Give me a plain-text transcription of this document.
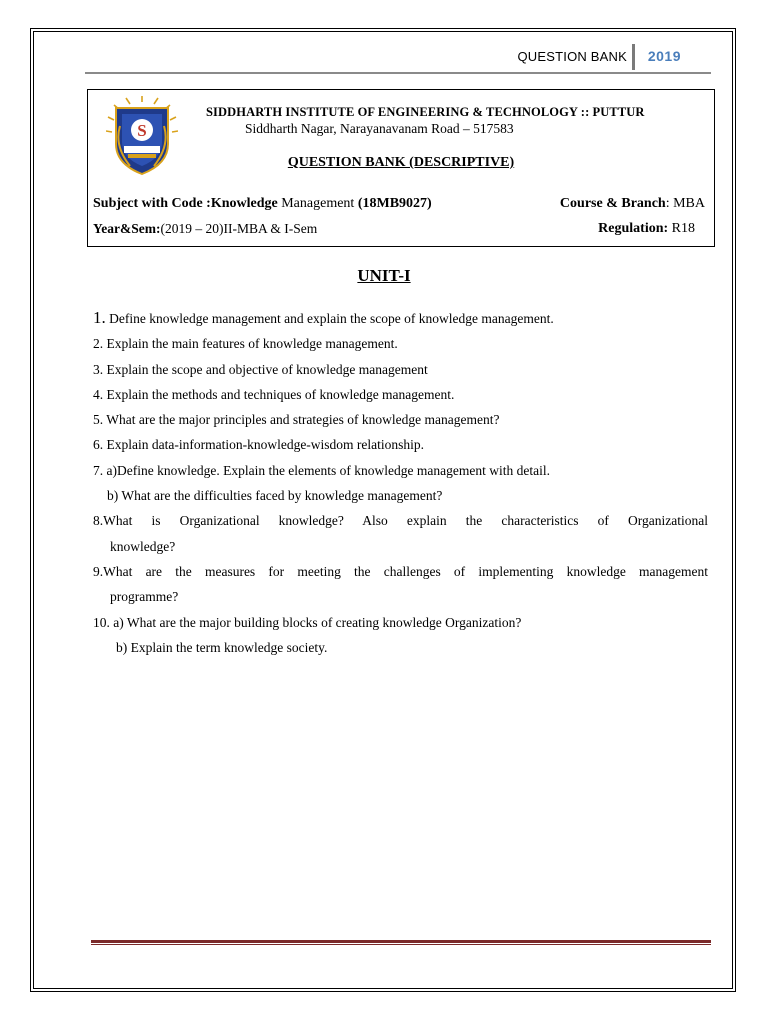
QUESTION BANK 2019
S
SIDDHARTH INSTITUTE OF ENGINEERING & TECHNOLOGY :: PUTTUR
Siddharth Nagar, Narayanavanam Road – 517583
QUESTION BANK (DESCRIPTIVE)
Subject with Code :Knowledge Management (18MB9027)	Course & Branch: MBA
Year&Sem:(2019 – 20)II-MBA & I-Sem	Regulation: R18
UNIT-I

1. Define knowledge management and explain the scope of knowledge management.

2. Explain the main features of knowledge management.

3. Explain the scope and objective of knowledge management

4. Explain the methods and techniques of knowledge management.

5. What are the major principles and strategies of knowledge management?

6. Explain data-information-knowledge-wisdom relationship.

7. a)Define knowledge. Explain the elements of knowledge management with detail.

b) What are the difficulties faced by knowledge management?

8.What is Organizational knowledge? Also explain the characteristics of Organizational

knowledge?

9.What are the measures for meeting the challenges of implementing knowledge management

programme?

10. a) What are the major building blocks of creating knowledge Organization?

b) Explain the term knowledge society.
